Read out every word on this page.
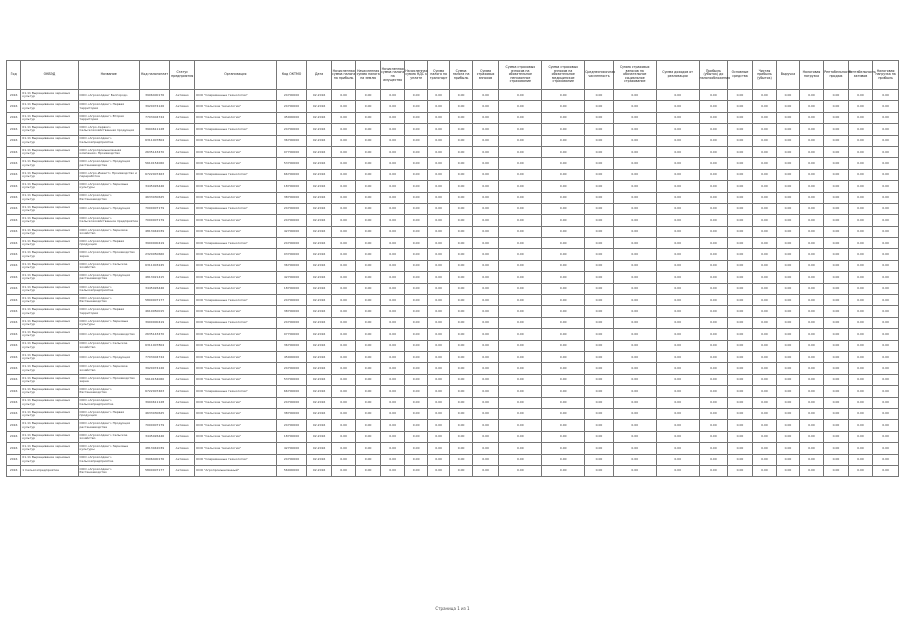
Год	ОКВЭД	Название	Код налогоплат	Статус предприятия	Организация	Код ОКТМО	Дата	Начисленная сумма налога на прибыль	Начисленная сумма налога на землю	Начисленная сумма налога на имущество	Начисленная сумма НДС к уплате	Сумма налога на транспорт	Сумма налога на прибыль	Сумма страховых взносов	Сумма страховых взносов на обязательное пенсионное страхование	Сумма страховых взносов на обязательное медицинское страхование	Среднесписочная численность	Сумма страховых взносов на обязательное социальное страхование	Сумма доходов от реализации	Прибыль (убыток) до налогообложения	Основные средства	Чистая прибыль (убыток)	Выручка	Налоговая нагрузка	Рентабельность продаж	Рентабельность активов	Налоговая нагрузка на прибыль
2016	01.11 Выращивание зерновых культур	ООО «Агрохолдинг Белгород»	3906400176	Активно	ООО "Современные технологии"	24700000	02.2016	0.00	0.00	0.00	0.00	0.00	0.00	0.00	0.00	0.00	0.00	0.00	0.00	0.00	0.00	0.00	0.00	0.00	0.00	0.00	0.00
2016	01.11 Выращивание зерновых культур	ООО «Агрохолдинг» Первая территория	3920074126	Активно	ООО "Сельские технологии"	24700000	02.2016	0.00	0.00	0.00	0.00	0.00	0.00	0.00	0.00	0.00	0.00	0.00	0.00	0.00	0.00	0.00	0.00	0.00	0.00	0.00	0.00
2016	01.11 Выращивание зерновых культур	ООО «Агрохолдинг» Вторая территория	7703404744	Активно	ООО "Сельские технологии"	45000000	02.2016	0.00	0.00	0.00	0.00	0.00	0.00	0.00	0.00	0.00	0.00	0.00	0.00	0.00	0.00	0.00	0.00	0.00	0.00	0.00	0.00
2016	01.11 Выращивание зерновых культур	ООО «Агро-Сервис» Сельскохозяйственная продукция	3904611128	Активно	ООО "Современные технологии"	24700000	02.2016	0.00	0.00	0.00	0.00	0.00	0.00	0.00	0.00	0.00	0.00	0.00	0.00	0.00	0.00	0.00	0.00	0.00	0.00	0.00	0.00
2016	01.11 Выращивание зерновых культур	ООО «Агрохолдинг» Сельхозпредприятие	6311007804	Активно	ООО "Сельские технологии"	36700000	02.2016	0.00	0.00	0.00	0.00	0.00	0.00	0.00	0.00	0.00	0.00	0.00	0.00	0.00	0.00	0.00	0.00	0.00	0.00	0.00	0.00
2016	01.11 Выращивание зерновых культур	ООО «Агропромышленная компания» Производство	2635143470	Активно	ООО "Сельские технологии"	07700000	02.2016	0.00	0.00	0.00	0.00	0.00	0.00	0.00	0.00	0.00	0.00	0.00	0.00	0.00	0.00	0.00	0.00	0.00	0.00	0.00	0.00
2016	01.11 Выращивание зерновых культур	ООО «Агрохолдинг» Продукция растениеводства	5610154060	Активно	ООО "Сельские технологии"	53700000	02.2016	0.00	0.00	0.00	0.00	0.00	0.00	0.00	0.00	0.00	0.00	0.00	0.00	0.00	0.00	0.00	0.00	0.00	0.00	0.00	0.00
2016	01.11 Выращивание зерновых культур	ООО «Агро-Инвест» Производство и переработка	6722007463	Активно	ООО "Современные технологии"	66700000	02.2016	0.00	0.00	0.00	0.00	0.00	0.00	0.00	0.00	0.00	0.00	0.00	0.00	0.00	0.00	0.00	0.00	0.00	0.00	0.00	0.00
2016	01.11 Выращивание зерновых культур	ООО «Агрохолдинг» Зерновые культуры	3445026446	Активно	ООО "Сельские технологии"	18700000	02.2016	0.00	0.00	0.00	0.00	0.00	0.00	0.00	0.00	0.00	0.00	0.00	0.00	0.00	0.00	0.00	0.00	0.00	0.00	0.00	0.00
2016	01.11 Выращивание зерновых культур	ООО «Агрохолдинг» Растениеводство	4633030625	Активно	ООО "Сельские технологии"	38700000	02.2016	0.00	0.00	0.00	0.00	0.00	0.00	0.00	0.00	0.00	0.00	0.00	0.00	0.00	0.00	0.00	0.00	0.00	0.00	0.00	0.00
2016	01.11 Выращивание зерновых культур	ООО «Агрохолдинг» Продукция	7000007179	Активно	ООО "Современные технологии"	24700000	02.2016	0.00	0.00	0.00	0.00	0.00	0.00	0.00	0.00	0.00	0.00	0.00	0.00	0.00	0.00	0.00	0.00	0.00	0.00	0.00	0.00
2016	01.11 Выращивание зерновых культур	ООО «Агрохолдинг» Сельскохозяйственное предприятие	7000007179	Активно	ООО "Сельские технологии"	24700000	02.2016	0.00	0.00	0.00	0.00	0.00	0.00	0.00	0.00	0.00	0.00	0.00	0.00	0.00	0.00	0.00	0.00	0.00	0.00	0.00	0.00
2016	01.11 Выращивание зерновых культур	ООО «Агрохолдинг» Зерновое хозяйство	4813042039	Активно	ООО "Сельские технологии"	42700000	02.2016	0.00	0.00	0.00	0.00	0.00	0.00	0.00	0.00	0.00	0.00	0.00	0.00	0.00	0.00	0.00	0.00	0.00	0.00	0.00	0.00
2016	01.11 Выращивание зерновых культур	ООО «Агрохолдинг» Первая продукция	3900000419	Активно	ООО "Современные технологии"	24700000	02.2016	0.00	0.00	0.00	0.00	0.00	0.00	0.00	0.00	0.00	0.00	0.00	0.00	0.00	0.00	0.00	0.00	0.00	0.00	0.00	0.00
2016	01.11 Выращивание зерновых культур	ООО «Агрохолдинг» Производство зерна	2320050660	Активно	ООО "Сельские технологии"	03700000	02.2016	0.00	0.00	0.00	0.00	0.00	0.00	0.00	0.00	0.00	0.00	0.00	0.00	0.00	0.00	0.00	0.00	0.00	0.00	0.00	0.00
2016	01.11 Выращивание зерновых культур	ООО «Агрохолдинг» Сельское хозяйство	6311003245	Активно	ООО "Сельские технологии"	36700000	02.2016	0.00	0.00	0.00	0.00	0.00	0.00	0.00	0.00	0.00	0.00	0.00	0.00	0.00	0.00	0.00	0.00	0.00	0.00	0.00	0.00
2016	01.11 Выращивание зерновых культур	ООО «Агрохолдинг» Продукция растениеводства	4813021415	Активно	ООО "Сельские технологии"	42700000	02.2016	0.00	0.00	0.00	0.00	0.00	0.00	0.00	0.00	0.00	0.00	0.00	0.00	0.00	0.00	0.00	0.00	0.00	0.00	0.00	0.00
2016	01.11 Выращивание зерновых культур	ООО «Агрохолдинг» Сельхозпредприятие	3445026446	Активно	ООО "Сельские технологии"	18700000	02.2016	0.00	0.00	0.00	0.00	0.00	0.00	0.00	0.00	0.00	0.00	0.00	0.00	0.00	0.00	0.00	0.00	0.00	0.00	0.00	0.00
2016	01.11 Выращивание зерновых культур	ООО «Агрохолдинг» Растениеводство	5800007177	Активно	ООО "Современные технологии"	24700000	02.2016	0.00	0.00	0.00	0.00	0.00	0.00	0.00	0.00	0.00	0.00	0.00	0.00	0.00	0.00	0.00	0.00	0.00	0.00	0.00	0.00
2016	01.11 Выращивание зерновых культур	ООО «Агрохолдинг» Первая территория	4610050015	Активно	ООО "Сельские технологии"	38700000	02.2016	0.00	0.00	0.00	0.00	0.00	0.00	0.00	0.00	0.00	0.00	0.00	0.00	0.00	0.00	0.00	0.00	0.00	0.00	0.00	0.00
2016	01.11 Выращивание зерновых культур	ООО «Агрохолдинг» Зерновые культуры	3900000419	Активно	ООО "Современные технологии"	24700000	02.2016	0.00	0.00	0.00	0.00	0.00	0.00	0.00	0.00	0.00	0.00	0.00	0.00	0.00	0.00	0.00	0.00	0.00	0.00	0.00	0.00
2016	01.11 Выращивание зерновых культур	ООО «Агрохолдинг» Производство	2635143470	Активно	ООО "Сельские технологии"	07700000	02.2016	0.00	0.00	0.00	0.00	0.00	0.00	0.00	0.00	0.00	0.00	0.00	0.00	0.00	0.00	0.00	0.00	0.00	0.00	0.00	0.00
2016	01.11 Выращивание зерновых культур	ООО «Агрохолдинг» Сельское хозяйство	6311007804	Активно	ООО "Сельские технологии"	36700000	02.2016	0.00	0.00	0.00	0.00	0.00	0.00	0.00	0.00	0.00	0.00	0.00	0.00	0.00	0.00	0.00	0.00	0.00	0.00	0.00	0.00
2016	01.11 Выращивание зерновых культур	ООО «Агрохолдинг» Продукция	7703404744	Активно	ООО "Сельские технологии"	45000000	02.2016	0.00	0.00	0.00	0.00	0.00	0.00	0.00	0.00	0.00	0.00	0.00	0.00	0.00	0.00	0.00	0.00	0.00	0.00	0.00	0.00
2016	01.11 Выращивание зерновых культур	ООО «Агрохолдинг» Зерновое хозяйство	3920074126	Активно	ООО "Сельские технологии"	24700000	02.2016	0.00	0.00	0.00	0.00	0.00	0.00	0.00	0.00	0.00	0.00	0.00	0.00	0.00	0.00	0.00	0.00	0.00	0.00	0.00	0.00
2016	01.11 Выращивание зерновых культур	ООО «Агрохолдинг» Производство зерна	5610154060	Активно	ООО "Сельские технологии"	53700000	02.2016	0.00	0.00	0.00	0.00	0.00	0.00	0.00	0.00	0.00	0.00	0.00	0.00	0.00	0.00	0.00	0.00	0.00	0.00	0.00	0.00
2016	01.11 Выращивание зерновых культур	ООО «Агрохолдинг» Растениеводство	6722007463	Активно	ООО "Современные технологии"	66700000	02.2016	0.00	0.00	0.00	0.00	0.00	0.00	0.00	0.00	0.00	0.00	0.00	0.00	0.00	0.00	0.00	0.00	0.00	0.00	0.00	0.00
2016	01.11 Выращивание зерновых культур	ООО «Агрохолдинг» Сельхозпредприятие	3904611128	Активно	ООО "Сельские технологии"	24700000	02.2016	0.00	0.00	0.00	0.00	0.00	0.00	0.00	0.00	0.00	0.00	0.00	0.00	0.00	0.00	0.00	0.00	0.00	0.00	0.00	0.00
2016	01.11 Выращивание зерновых культур	ООО «Агрохолдинг» Первая продукция	4633030625	Активно	ООО "Сельские технологии"	38700000	02.2016	0.00	0.00	0.00	0.00	0.00	0.00	0.00	0.00	0.00	0.00	0.00	0.00	0.00	0.00	0.00	0.00	0.00	0.00	0.00	0.00
2016	01.11 Выращивание зерновых культур	ООО «Агрохолдинг» Продукция растениеводства	7000007179	Активно	ООО "Сельские технологии"	24700000	02.2016	0.00	0.00	0.00	0.00	0.00	0.00	0.00	0.00	0.00	0.00	0.00	0.00	0.00	0.00	0.00	0.00	0.00	0.00	0.00	0.00
2016	01.11 Выращивание зерновых культур	ООО «Агрохолдинг» Сельское хозяйство	3445026446	Активно	ООО "Сельские технологии"	18700000	02.2016	0.00	0.00	0.00	0.00	0.00	0.00	0.00	0.00	0.00	0.00	0.00	0.00	0.00	0.00	0.00	0.00	0.00	0.00	0.00	0.00
2016	01.11 Выращивание зерновых культур	ООО «Агрохолдинг» Зерновые культуры	4813042039	Активно	ООО "Сельские технологии"	42700000	02.2016	0.00	0.00	0.00	0.00	0.00	0.00	0.00	0.00	0.00	0.00	0.00	0.00	0.00	0.00	0.00	0.00	0.00	0.00	0.00	0.00
2016	01.11 Выращивание зерновых культур	ООО «Агрохолдинг» Сельхозпредприятие	3906400176	Активно	ООО "Современные технологии"	24700000	02.2016	0.00	0.00	0.00	0.00	0.00	0.00	0.00	0.00	0.00	0.00	0.00	0.00	0.00	0.00	0.00	0.00	0.00	0.00	0.00	0.00
2016	1 Сельхозпредприятие	ООО «Агрохолдинг» Растениеводство	5800007177	Активно	ООО "Агропромышленный"	56000000	02.2016	0.00	0.00	0.00	0.00	0.00	0.00	0.00	0.00	0.00	0.00	0.00	0.00	0.00	0.00	0.00	0.00	0.00	0.00	0.00	0.00
Страница 1 из 1
